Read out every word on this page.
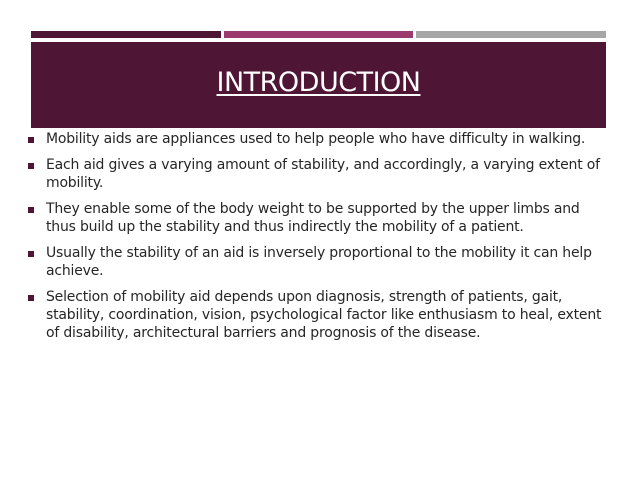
INTRODUCTION
Mobility aids are appliances used to help people who have difficulty in walking.
Each aid gives a varying amount of stability, and accordingly, a varying extent of mobility.
They enable some of the body weight to be supported by the upper limbs and thus build up the stability and thus indirectly the mobility of a patient.
Usually the stability of an aid is inversely proportional to the mobility it can help achieve.
Selection of mobility aid depends upon diagnosis, strength of patients, gait, stability, coordination, vision, psychological factor like enthusiasm to heal, extent of disability, architectural barriers and prognosis of the disease.
